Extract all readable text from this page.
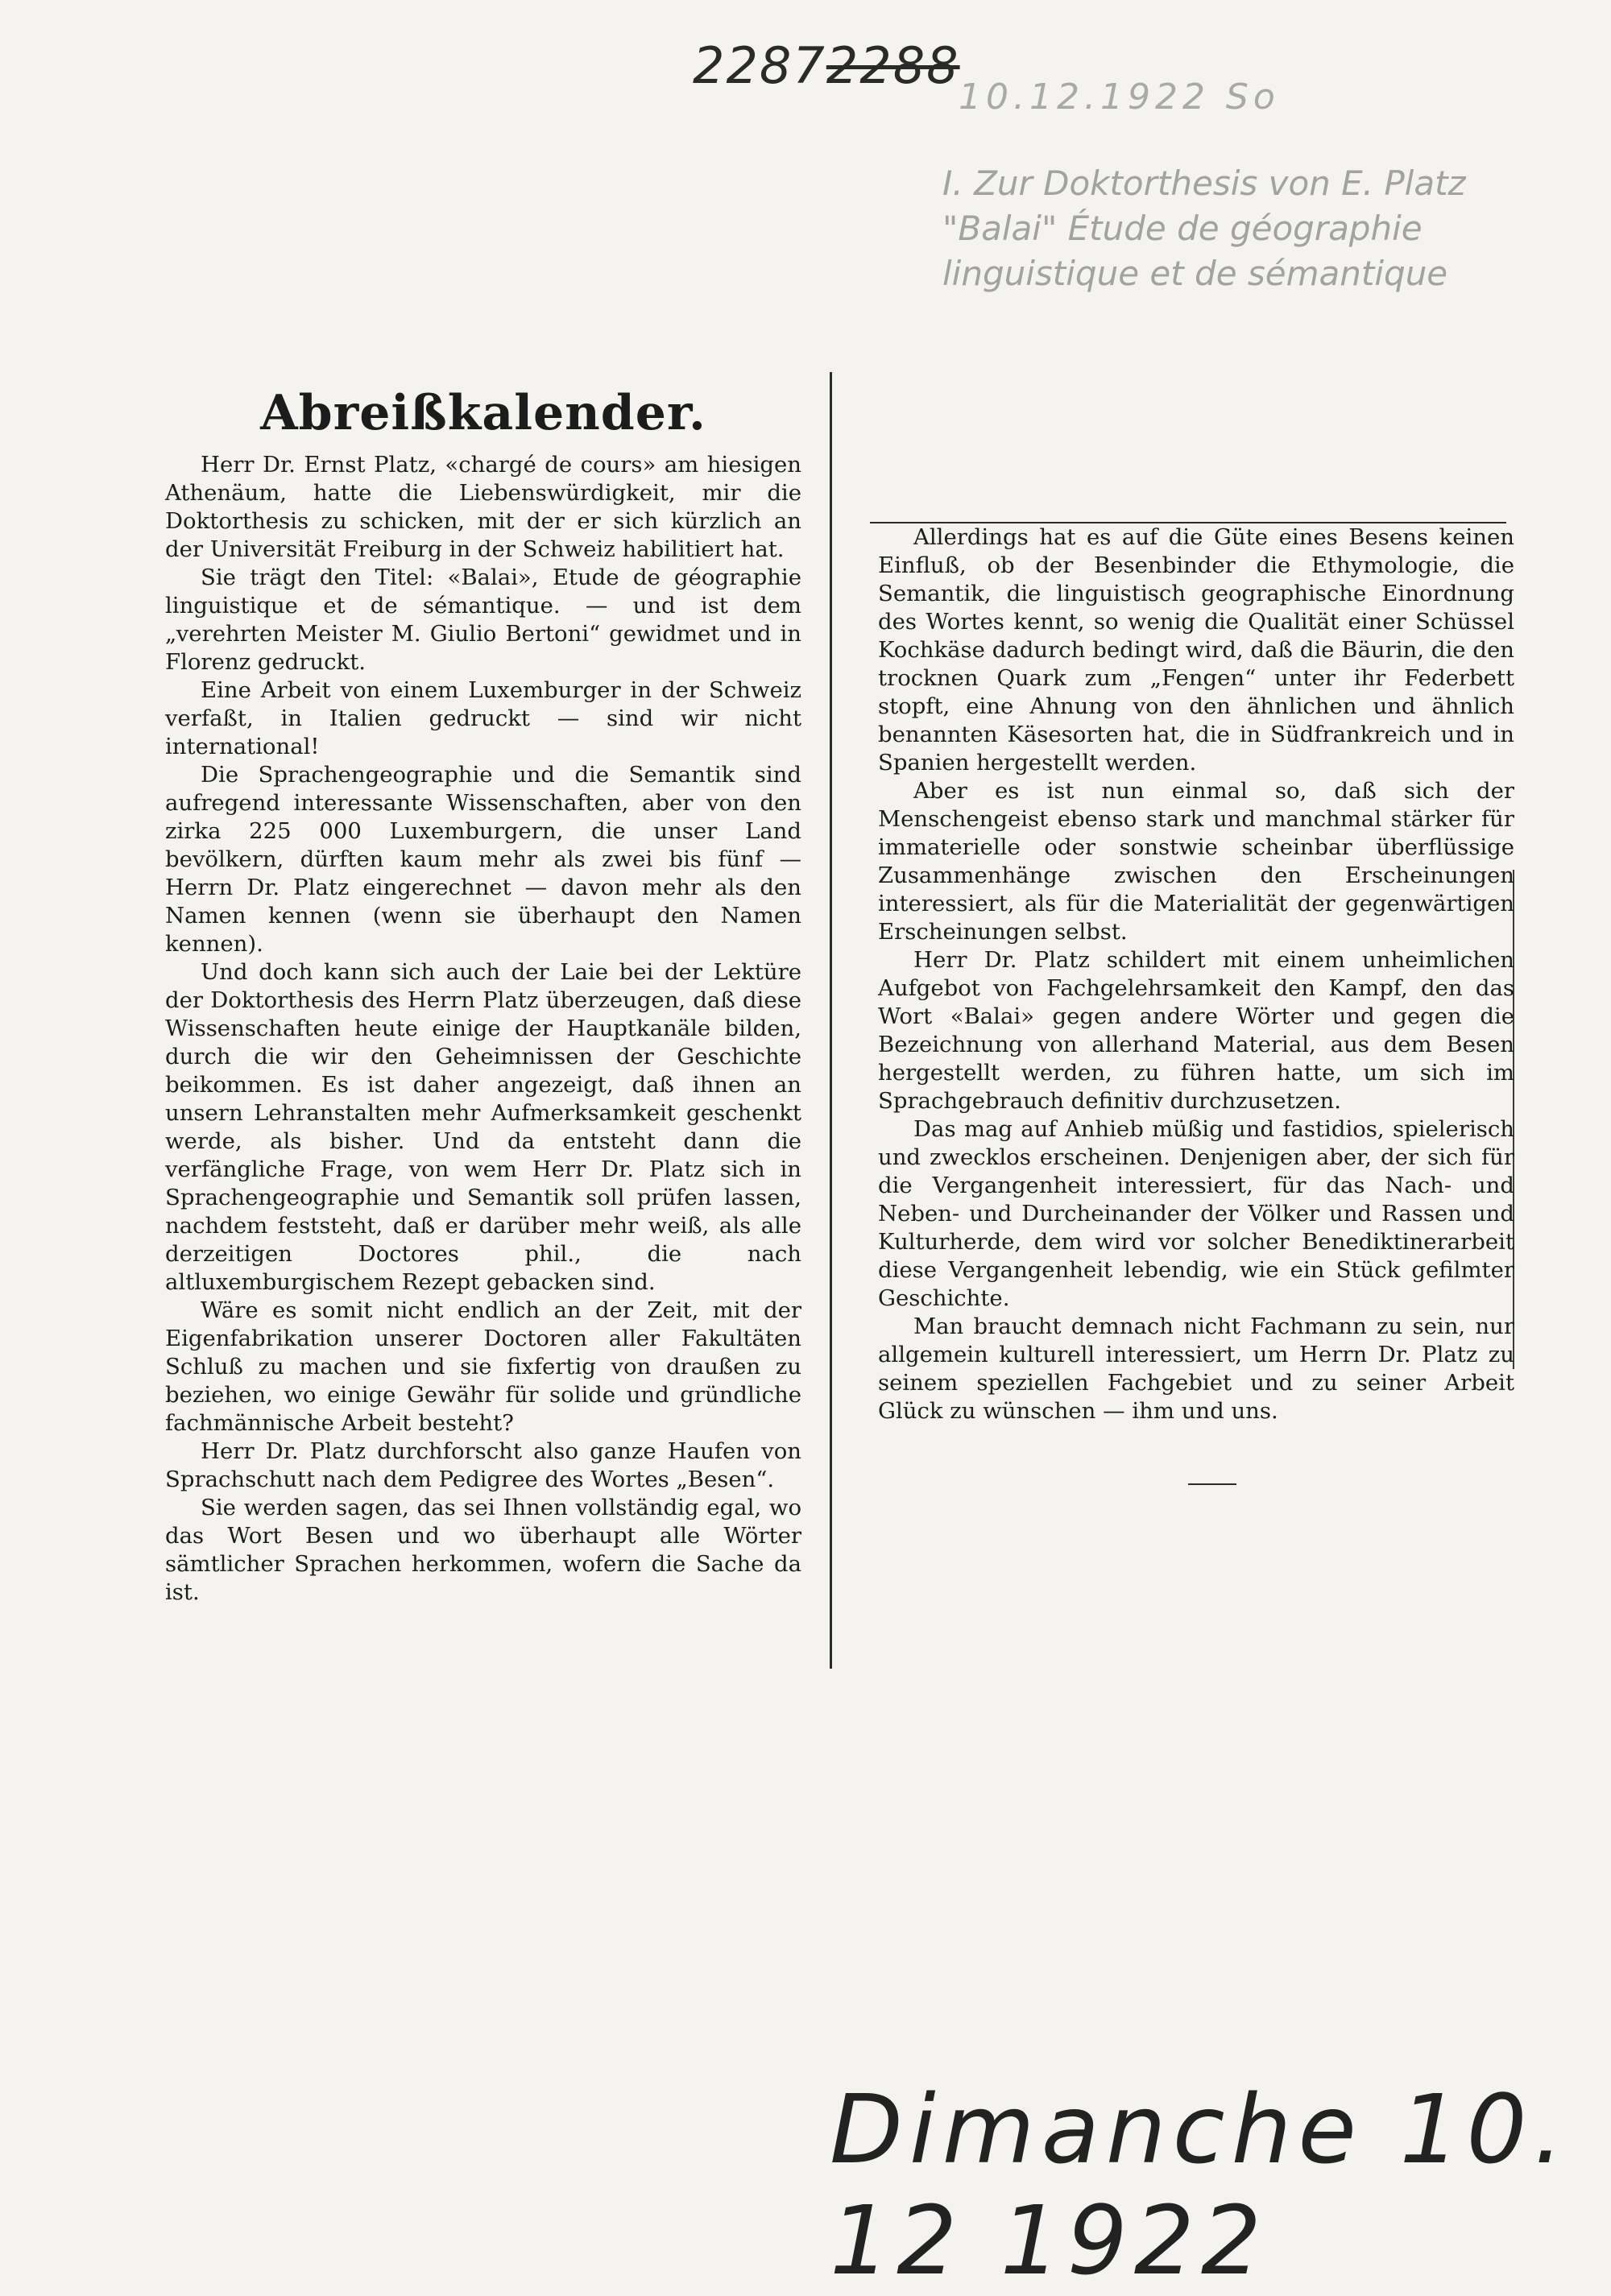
22872288
10.12.1922 So
I. Zur Doktorthesis von E. Platz
"Balai" Étude de géographie
linguistique et de sémantique
Abreißkalender.

Herr Dr. Ernst Platz, «chargé de cours» am hiesigen Athenäum, hatte die Liebenswürdigkeit, mir die Doktorthesis zu schicken, mit der er sich kürzlich an der Universität Freiburg in der Schweiz habilitiert hat.

Sie trägt den Titel: «Balai», Etude de géographie linguistique et de sémantique. — und ist dem „verehrten Meister M. Giulio Bertoni“ gewidmet und in Florenz gedruckt.

Eine Arbeit von einem Luxemburger in der Schweiz verfaßt, in Italien gedruckt — sind wir nicht international!

Die Sprachengeographie und die Semantik sind aufregend interessante Wissenschaften, aber von den zirka 225 000 Luxemburgern, die unser Land bevölkern, dürften kaum mehr als zwei bis fünf — Herrn Dr. Platz eingerechnet — davon mehr als den Namen kennen (wenn sie überhaupt den Namen kennen).

Und doch kann sich auch der Laie bei der Lektüre der Doktorthesis des Herrn Platz überzeugen, daß diese Wissenschaften heute einige der Hauptkanäle bilden, durch die wir den Geheimnissen der Geschichte beikommen. Es ist daher angezeigt, daß ihnen an unsern Lehranstalten mehr Aufmerksamkeit geschenkt werde, als bisher. Und da entsteht dann die verfängliche Frage, von wem Herr Dr. Platz sich in Sprachengeographie und Semantik soll prüfen lassen, nachdem feststeht, daß er darüber mehr weiß, als alle derzeitigen Doctores phil., die nach altluxemburgischem Rezept gebacken sind.

Wäre es somit nicht endlich an der Zeit, mit der Eigenfabrikation unserer Doctoren aller Fakultäten Schluß zu machen und sie fixfertig von draußen zu beziehen, wo einige Gewähr für solide und gründliche fachmännische Arbeit besteht?

Herr Dr. Platz durchforscht also ganze Haufen von Sprachschutt nach dem Pedigree des Wortes „Besen“.

Sie werden sagen, das sei Ihnen vollständig egal, wo das Wort Besen und wo überhaupt alle Wörter sämtlicher Sprachen herkommen, wofern die Sache da ist.

Allerdings hat es auf die Güte eines Besens keinen Einfluß, ob der Besenbinder die Ethymologie, die Semantik, die linguistisch geographische Einordnung des Wortes kennt, so wenig die Qualität einer Schüssel Kochkäse dadurch bedingt wird, daß die Bäurin, die den trocknen Quark zum „Fengen“ unter ihr Federbett stopft, eine Ahnung von den ähnlichen und ähnlich benannten Käsesorten hat, die in Südfrankreich und in Spanien hergestellt werden.

Aber es ist nun einmal so, daß sich der Menschengeist ebenso stark und manchmal stärker für immaterielle oder sonstwie scheinbar überflüssige Zusammenhänge zwischen den Erscheinungen interessiert, als für die Materialität der gegenwärtigen Erscheinungen selbst.

Herr Dr. Platz schildert mit einem unheimlichen Aufgebot von Fachgelehrsamkeit den Kampf, den das Wort «Balai» gegen andere Wörter und gegen die Bezeichnung von allerhand Material, aus dem Besen hergestellt werden, zu führen hatte, um sich im Sprachgebrauch definitiv durchzusetzen.

Das mag auf Anhieb müßig und fastidios, spielerisch und zwecklos erscheinen. Denjenigen aber, der sich für die Vergangenheit interessiert, für das Nach- und Neben- und Durcheinander der Völker und Rassen und Kulturherde, dem wird vor solcher Benediktinerarbeit diese Vergangenheit lebendig, wie ein Stück gefilmter Geschichte.

Man braucht demnach nicht Fachmann zu sein, nur allgemein kulturell interessiert, um Herrn Dr. Platz zu seinem speziellen Fachgebiet und zu seiner Arbeit Glück zu wünschen — ihm und uns.

Dimanche 10. 12 1922
